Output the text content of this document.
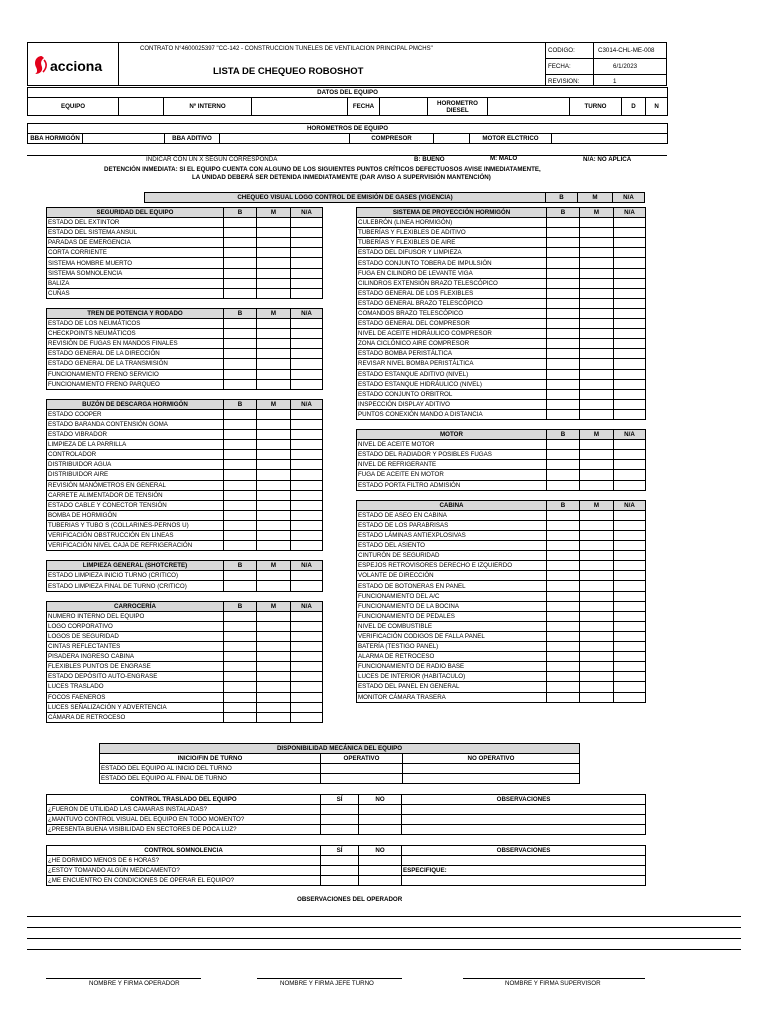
acciona
CONTRATO N°4600025397 "CC-142 - CONSTRUCCION TUNELES DE VENTILACION PRINCIPAL PMCHS"
LISTA DE CHEQUEO ROBOSHOT
CODIGO:	C3014-CHL-ME-008
FECHA:	6/1/2023
REVISION:	1
DATOS DEL EQUIPO
EQUIPO		Nº INTERNO		FECHA		HOROMETRO DIESEL		TURNO	D	N
HOROMETROS DE EQUIPO
BBA HORMIGÓN		BBA ADITIVO		COMPRESOR		MOTOR ELCTRICO	
INDICAR CON UN X SEGÚN CORRESPONDA	B: BUENO	M: MALO	N/A: NO APLICA
DETENCIÓN INMEDIATA: SI EL EQUIPO CUENTA CON ALGUNO DE LOS SIGUIENTES PUNTOS CRÍTICOS DEFECTUOSOS AVISE INMEDIATAMENTE,
LA UNIDAD DEBERÁ SER DETENIDA INMEDIATAMENTE (DAR AVISO A SUPERVISIÓN MANTENCIÓN)
CHEQUEO VISUAL LOGO CONTROL DE EMISIÓN DE GASES (VIGENCIA)	B	M	N/A
SEGURIDAD DEL EQUIPO	B	M	N/A
ESTADO DEL EXTINTOR			
ESTADO DEL SISTEMA ANSUL			
PARADAS DE EMERGENCIA			
CORTA CORRIENTE			
SISTEMA HOMBRE MUERTO			
SISTEMA SOMNOLENCIA			
BALIZA			
CUÑAS			

TREN DE POTENCIA Y RODADO	B	M	N/A
ESTADO DE LOS NEUMÁTICOS			
CHECKPOINTS NEUMÁTICOS			
REVISIÓN DE FUGAS EN MANDOS FINALES			
ESTADO GENERAL DE LA DIRECCIÓN			
ESTADO GENERAL DE LA TRANSMISIÓN			
FUNCIONAMIENTO FRENO SERVICIO			
FUNCIONAMIENTO FRENO PARQUEO			

BUZÓN DE DESCARGA HORMIGÓN	B	M	N/A
ESTADO COOPER			
ESTADO BARANDA CONTENSIÓN GOMA			
ESTADO VIBRADOR			
LIMPIEZA DE LA PARRILLA			
CONTROLADOR			
DISTRIBUIDOR AGUA			
DISTRIBUIDOR AIRE			
REVISIÓN MANÓMETROS EN GENERAL			
CARRETE ALIMENTADOR DE TENSIÓN			
ESTADO CABLE Y CONECTOR TENSIÓN			
BOMBA DE HORMIGÓN			
TUBERIAS Y TUBO S (COLLARINES-PERNOS U)			
VERIFICACIÓN OBSTRUCCIÓN EN LINEAS			
VERIFICACIÓN NIVEL CAJA DE REFRIGERACIÓN			

LIMPIEZA GENERAL (SHOTCRETE)	B	M	N/A
ESTADO LIMPIEZA INICIO TURNO (CRITICO)			
ESTADO LIMPIEZA FINAL DE TURNO (CRITICO)			

CARROCERÍA	B	M	N/A
NUMERO INTERNO DEL EQUIPO			
LOGO CORPORATIVO			
LOGOS DE SEGURIDAD			
CINTAS REFLECTANTES			
PISADERA INGRESO CABINA			
FLEXIBLES PUNTOS DE ENGRASE			
ESTADO DEPÓSITO AUTO-ENGRASE			
LUCES TRASLADO			
FOCOS FAENEROS			
LUCES SEÑALIZACIÓN Y ADVERTENCIA			
CÁMARA DE RETROCESO			
SISTEMA DE PROYECCIÓN HORMIGÓN	B	M	N/A
CULEBRÓN (LINEA HORMIGÓN)			
TUBERÍAS Y FLEXIBLES DE ADITIVO			
TUBERÍAS Y FLEXIBLES DE AIRE			
ESTADO DEL DIFUSOR Y LIMPIEZA			
ESTADO CONJUNTO TOBERA DE IMPULSIÓN			
FUGA EN CILINDRO DE LEVANTE VIGA			
CILINDROS EXTENSIÓN BRAZO TELESCÓPICO			
ESTADO GENERAL DE LOS FLEXIBLES			
ESTADO GENERAL BRAZO TELESCÓPICO			
COMANDOS BRAZO TELESCÓPICO			
ESTADO GENERAL DEL COMPRESOR			
NIVEL DE ACEITE HIDRÁULICO COMPRESOR			
ZONA CICLÓNICO AIRE COMPRESOR			
ESTADO BOMBA PERISTÁLTICA			
REVISAR NIVEL BOMBA PERISTÁLTICA			
ESTADO ESTANQUE ADITIVO (NIVEL)			
ESTADO ESTANQUE HIDRÁULICO (NIVEL)			
ESTADO CONJUNTO ORBITROL			
INSPECCIÓN DISPLAY ADITIVO			
PUNTOS CONEXIÓN MANDO A DISTANCIA			

MOTOR	B	M	N/A
NIVEL DE ACEITE MOTOR			
ESTADO DEL RADIADOR Y POSIBLES FUGAS			
NIVEL DE REFRIGERANTE			
FUGA DE ACEITE EN MOTOR			
ESTADO PORTA FILTRO ADMISIÓN			

CABINA	B	M	N/A
ESTADO DE ASEO EN CABINA			
ESTADO DE LOS PARABRISAS			
ESTADO LÁMINAS ANTIEXPLOSIVAS			
ESTADO DEL ASIENTO			
CINTURÓN DE SEGURIDAD			
ESPEJOS RETROVISORES DERECHO E IZQUIERDO			
VOLANTE DE DIRECCIÓN			
ESTADO DE BOTONERAS EN PANEL			
FUNCIONAMIENTO DEL A/C			
FUNCIONAMIENTO DE LA BOCINA			
FUNCIONAMIENTO DE PEDALES			
NIVEL DE COMBUSTIBLE			
VERIFICACIÓN CODIGOS DE FALLA PANEL			
BATERÍA (TESTIGO PANEL)			
ALARMA DE RETROCESO			
FUNCIONAMIENTO DE RADIO BASE			
LUCES DE INTERIOR (HABITACULO)			
ESTADO DEL PANEL EN GENERAL			
MONITOR CÁMARA TRASERA			
DISPONIBILIDAD MECÁNICA DEL EQUIPO		
INICIO/FIN DE TURNO	OPERATIVO	NO OPERATIVO
ESTADO DEL EQUIPO AL INICIO DEL TURNO		
ESTADO DEL EQUIPO AL FINAL DE TURNO		
CONTROL TRASLADO DEL EQUIPO	SÍ	NO	OBSERVACIONES
¿FUERON DE UTILIDAD LAS CAMARAS INSTALADAS?			
¿MANTUVO CONTROL VISUAL DEL EQUIPO EN TODO MOMENTO?			
¿PRESENTA BUENA VISIBILIDAD EN SECTORES DE POCA LUZ?			
CONTROL SOMNOLENCIA	SÍ	NO	OBSERVACIONES
¿HE DORMIDO MENOS DE 6 HORAS?			
¿ESTOY TOMANDO ALGÚN MEDICAMENTO?			ESPECIFIQUE:
¿ME ENCUENTRO EN CONDICIONES DE OPERAR EL EQUIPO?			
OBSERVACIONES DEL OPERADOR
NOMBRE Y FIRMA OPERADOR	NOMBRE Y FIRMA JEFE TURNO	NOMBRE Y FIRMA SUPERVISOR
